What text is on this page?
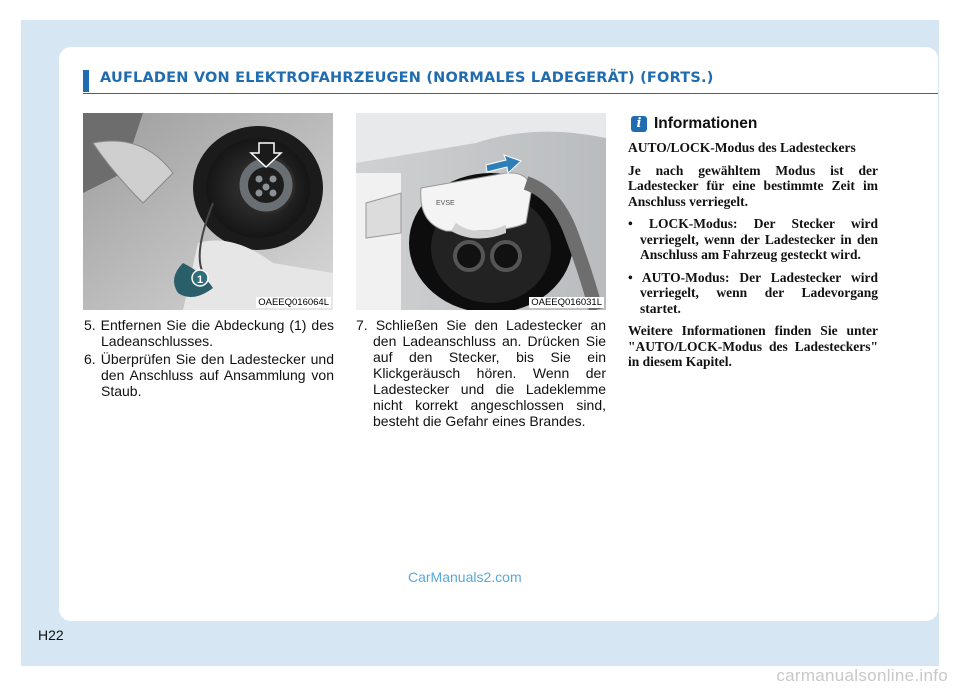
AUFLADEN VON ELEKTROFAHRZEUGEN (NORMALES LADEGERÄT) (FORTS.)
1
OAEEQ016064L
EVSE
OAEEQ016031L
5. Entfernen Sie die Abdeckung (1) des Ladeanschlusses.
6. Überprüfen Sie den Ladestecker und den Anschluss auf Ansammlung von Staub.
7. Schließen Sie den Ladestecker an den Ladeanschluss an. Drücken Sie auf den Stecker, bis Sie ein Klickgeräusch hören. Wenn der Ladestecker und die Ladeklemme nicht korrekt angeschlossen sind, besteht die Gefahr eines Brandes.
i Informationen

AUTO/LOCK-Modus des Ladesteckers

Je nach gewähltem Modus ist der Ladestecker für eine bestimmte Zeit im Anschluss verriegelt.

• LOCK-Modus: Der Stecker wird verriegelt, wenn der Ladestecker in den Anschluss am Fahrzeug gesteckt wird.

• AUTO-Modus: Der Ladestecker wird verriegelt, wenn der Ladevorgang startet.

Weitere Informationen finden Sie unter "AUTO/LOCK-Modus des Ladesteckers" in diesem Kapitel.

CarManuals2.com
H22
carmanualsonline.info
